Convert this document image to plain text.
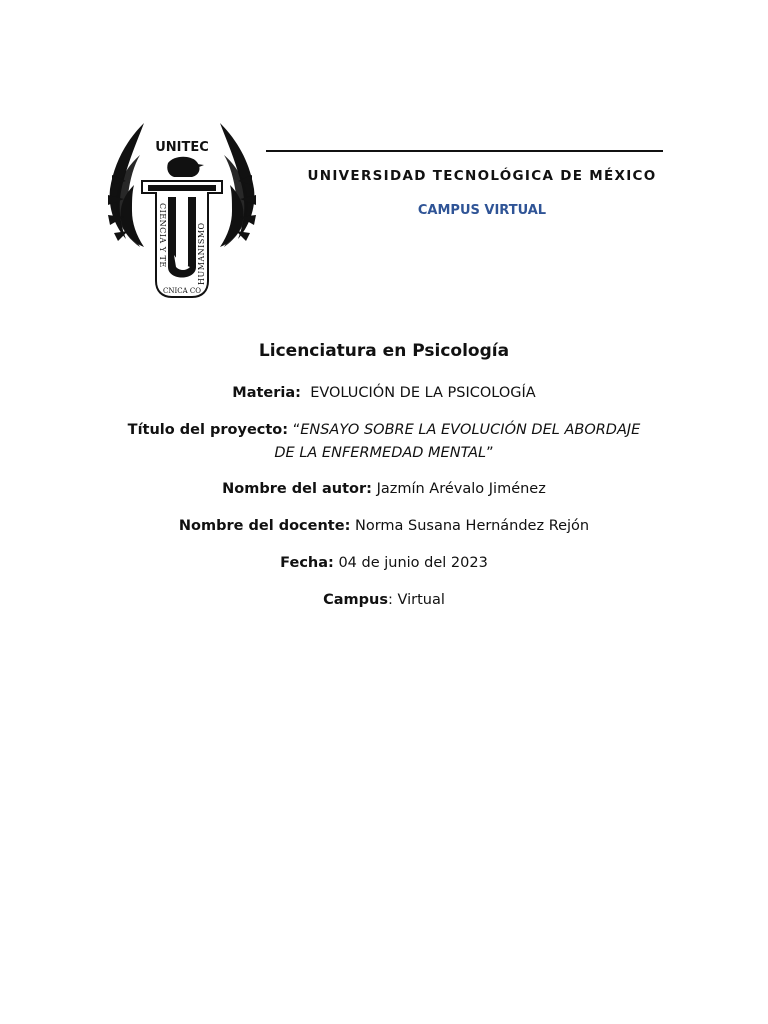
UNITEC
CIENCIA Y TE	HUMANISMO
CNICA CO
UNIVERSIDAD TECNOLÓGICA DE MÉXICO
CAMPUS VIRTUAL
Licenciatura en Psicología
Materia: EVOLUCIÓN DE LA PSICOLOGÍA
Título del proyecto: “ENSAYO SOBRE LA EVOLUCIÓN DEL ABORDAJE DE LA ENFERMEDAD MENTAL”
Nombre del autor: Jazmín Arévalo Jiménez
Nombre del docente: Norma Susana Hernández Rejón
Fecha: 04 de junio del 2023
Campus: Virtual
